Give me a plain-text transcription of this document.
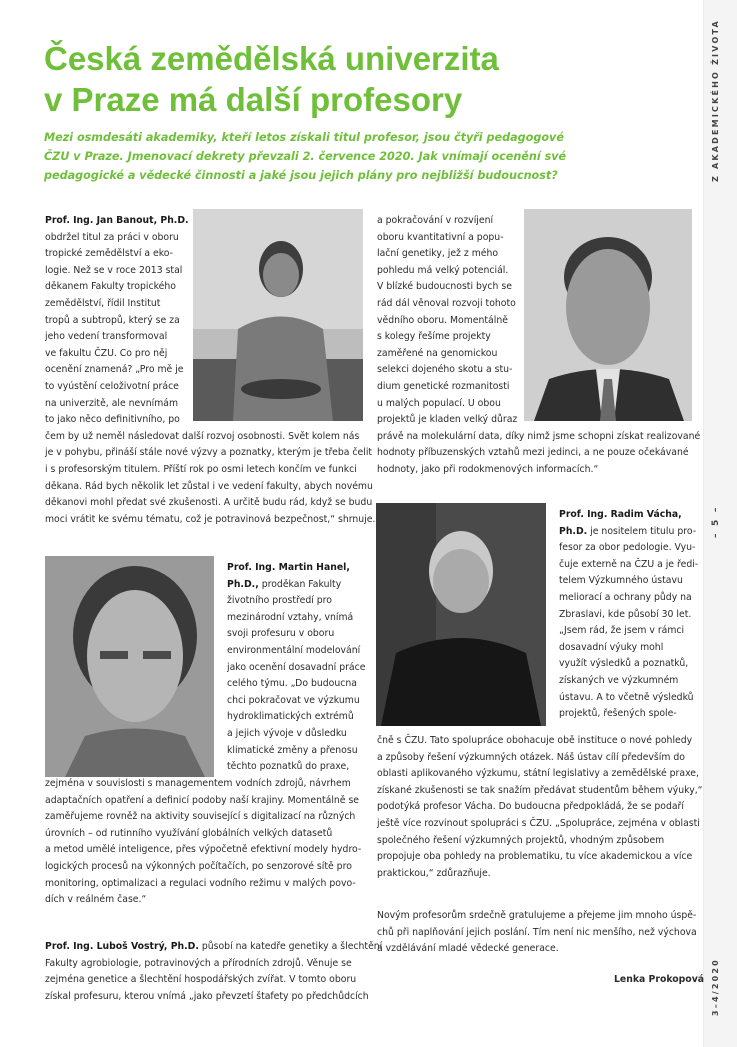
Z AKADEMICKÉHO ŽIVOTA
– 5 –
3–4/2020
Česká zemědělská univerzita
v Praze má další profesory
Mezi osmdesáti akademiky, kteří letos získali titul profesor, jsou čtyři pedagogové
ČZU v Praze. Jmenovací dekrety převzali 2. července 2020. Jak vnímají ocenění své
pedagogické a vědecké činnosti a jaké jsou jejich plány pro nejbližší budoucnost?
Prof. Ing. Jan Banout, Ph.D.
obdržel titul za práci v oboru
tropické zemědělství a eko-
logie. Než se v roce 2013 stal
děkanem Fakulty tropického
zemědělství, řídil Institut
tropů a subtropů, který se za
jeho vedení transformoval
ve fakultu ČZU. Co pro něj
ocenění znamená? „Pro mě je
to vyústění celoživotní práce
na univerzitě, ale nevnímám
to jako něco definitivního, po
čem by už neměl následovat další rozvoj osobnosti. Svět kolem nás
je v pohybu, přináší stále nové výzvy a poznatky, kterým je třeba čelit
i s profesorským titulem. Příští rok po osmi letech končím ve funkci
děkana. Rád bych několik let zůstal i ve vedení fakulty, abych novému
děkanovi mohl předat své zkušenosti. A určitě budu rád, když se budu
moci vrátit ke svému tématu, což je potravinová bezpečnost,“ shrnuje.
a pokračování v rozvíjení
oboru kvantitativní a popu-
lační genetiky, jež z mého
pohledu má velký potenciál.
V blízké budoucnosti bych se
rád dál věnoval rozvoji tohoto
vědního oboru. Momentálně
s kolegy řešíme projekty
zaměřené na genomickou
selekci dojeného skotu a stu-
dium genetické rozmanitosti
u malých populací. U obou
projektů je kladen velký důraz
právě na molekulární data, díky nimž jsme schopni získat realizované
hodnoty příbuzenských vztahů mezi jedinci, a ne pouze očekávané
hodnoty, jako při rodokmenových informacích.“
Prof. Ing. Martin Hanel,
Ph.D., proděkan Fakulty
životního prostředí pro
mezinárodní vztahy, vnímá
svoji profesuru v oboru
environmentální modelování
jako ocenění dosavadní práce
celého týmu. „Do budoucna
chci pokračovat ve výzkumu
hydroklimatických extrémů
a jejich vývoje v důsledku
klimatické změny a přenosu
těchto poznatků do praxe,
zejména v souvislosti s managementem vodních zdrojů, návrhem
adaptačních opatření a definicí podoby naší krajiny. Momentálně se
zaměřujeme rovněž na aktivity související s digitalizací na různých
úrovních – od rutinního využívání globálních velkých datasetů
a metod umělé inteligence, přes výpočetně efektivní modely hydro-
logických procesů na výkonných počítačích, po senzorové sítě pro
monitoring, optimalizaci a regulaci vodního režimu v malých povo-
dích v reálném čase.“
Prof. Ing. Luboš Vostrý, Ph.D. působí na katedře genetiky a šlechtění
Fakulty agrobiologie, potravinových a přírodních zdrojů. Věnuje se
zejména genetice a šlechtění hospodářských zvířat. V tomto oboru
získal profesuru, kterou vnímá „jako převzetí štafety po předchůdcích
Prof. Ing. Radim Vácha,
Ph.D. je nositelem titulu pro-
fesor za obor pedologie. Vyu-
čuje externě na ČZU a je ředi-
telem Výzkumného ústavu
meliorací a ochrany půdy na
Zbraslavi, kde působí 30 let.
„Jsem rád, že jsem v rámci
dosavadní výuky mohl
využít výsledků a poznatků,
získaných ve výzkumném
ústavu. A to včetně výsledků
projektů, řešených spole-
čně s ČZU. Tato spolupráce obohacuje obě instituce o nové pohledy
a způsoby řešení výzkumných otázek. Náš ústav cílí především do
oblasti aplikovaného výzkumu, státní legislativy a zemědělské praxe,
získané zkušenosti se tak snažím předávat studentům během výuky,“
podotýká profesor Vácha. Do budoucna předpokládá, že se podaří
ještě více rozvinout spolupráci s ČZU. „Spolupráce, zejména v oblasti
společného řešení výzkumných projektů, vhodným způsobem
propojuje oba pohledy na problematiku, tu více akademickou a více
praktickou,“ zdůrazňuje.
Novým profesorům srdečně gratulujeme a přejeme jim mnoho úspě-
chů při naplňování jejich poslání. Tím není nic menšího, než výchova
a vzdělávání mladé vědecké generace.
Lenka Prokopová
